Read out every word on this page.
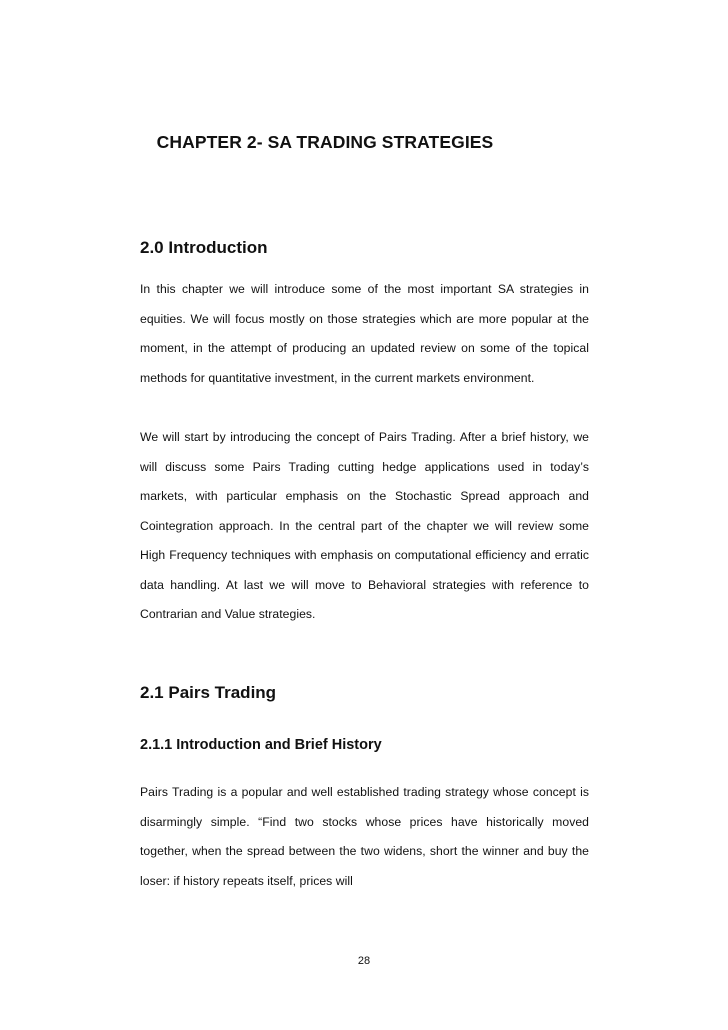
CHAPTER 2- SA TRADING STRATEGIES
2.0 Introduction

In this chapter we will introduce some of the most important SA strategies in equities. We will focus mostly on those strategies which are more popular at the moment, in the attempt of producing an updated review on some of the topical methods for quantitative investment, in the current markets environment.

We will start by introducing the concept of Pairs Trading. After a brief history, we will discuss some Pairs Trading cutting hedge applications used in today’s markets, with particular emphasis on the Stochastic Spread approach and Cointegration approach. In the central part of the chapter we will review some High Frequency techniques with emphasis on computational efficiency and erratic data handling. At last we will move to Behavioral strategies with reference to Contrarian and Value strategies.

2.1 Pairs Trading
2.1.1 Introduction and Brief History

Pairs Trading is a popular and well established trading strategy whose concept is disarmingly simple. “Find two stocks whose prices have historically moved together, when the spread between the two widens, short the winner and buy the loser: if history repeats itself, prices will

28
